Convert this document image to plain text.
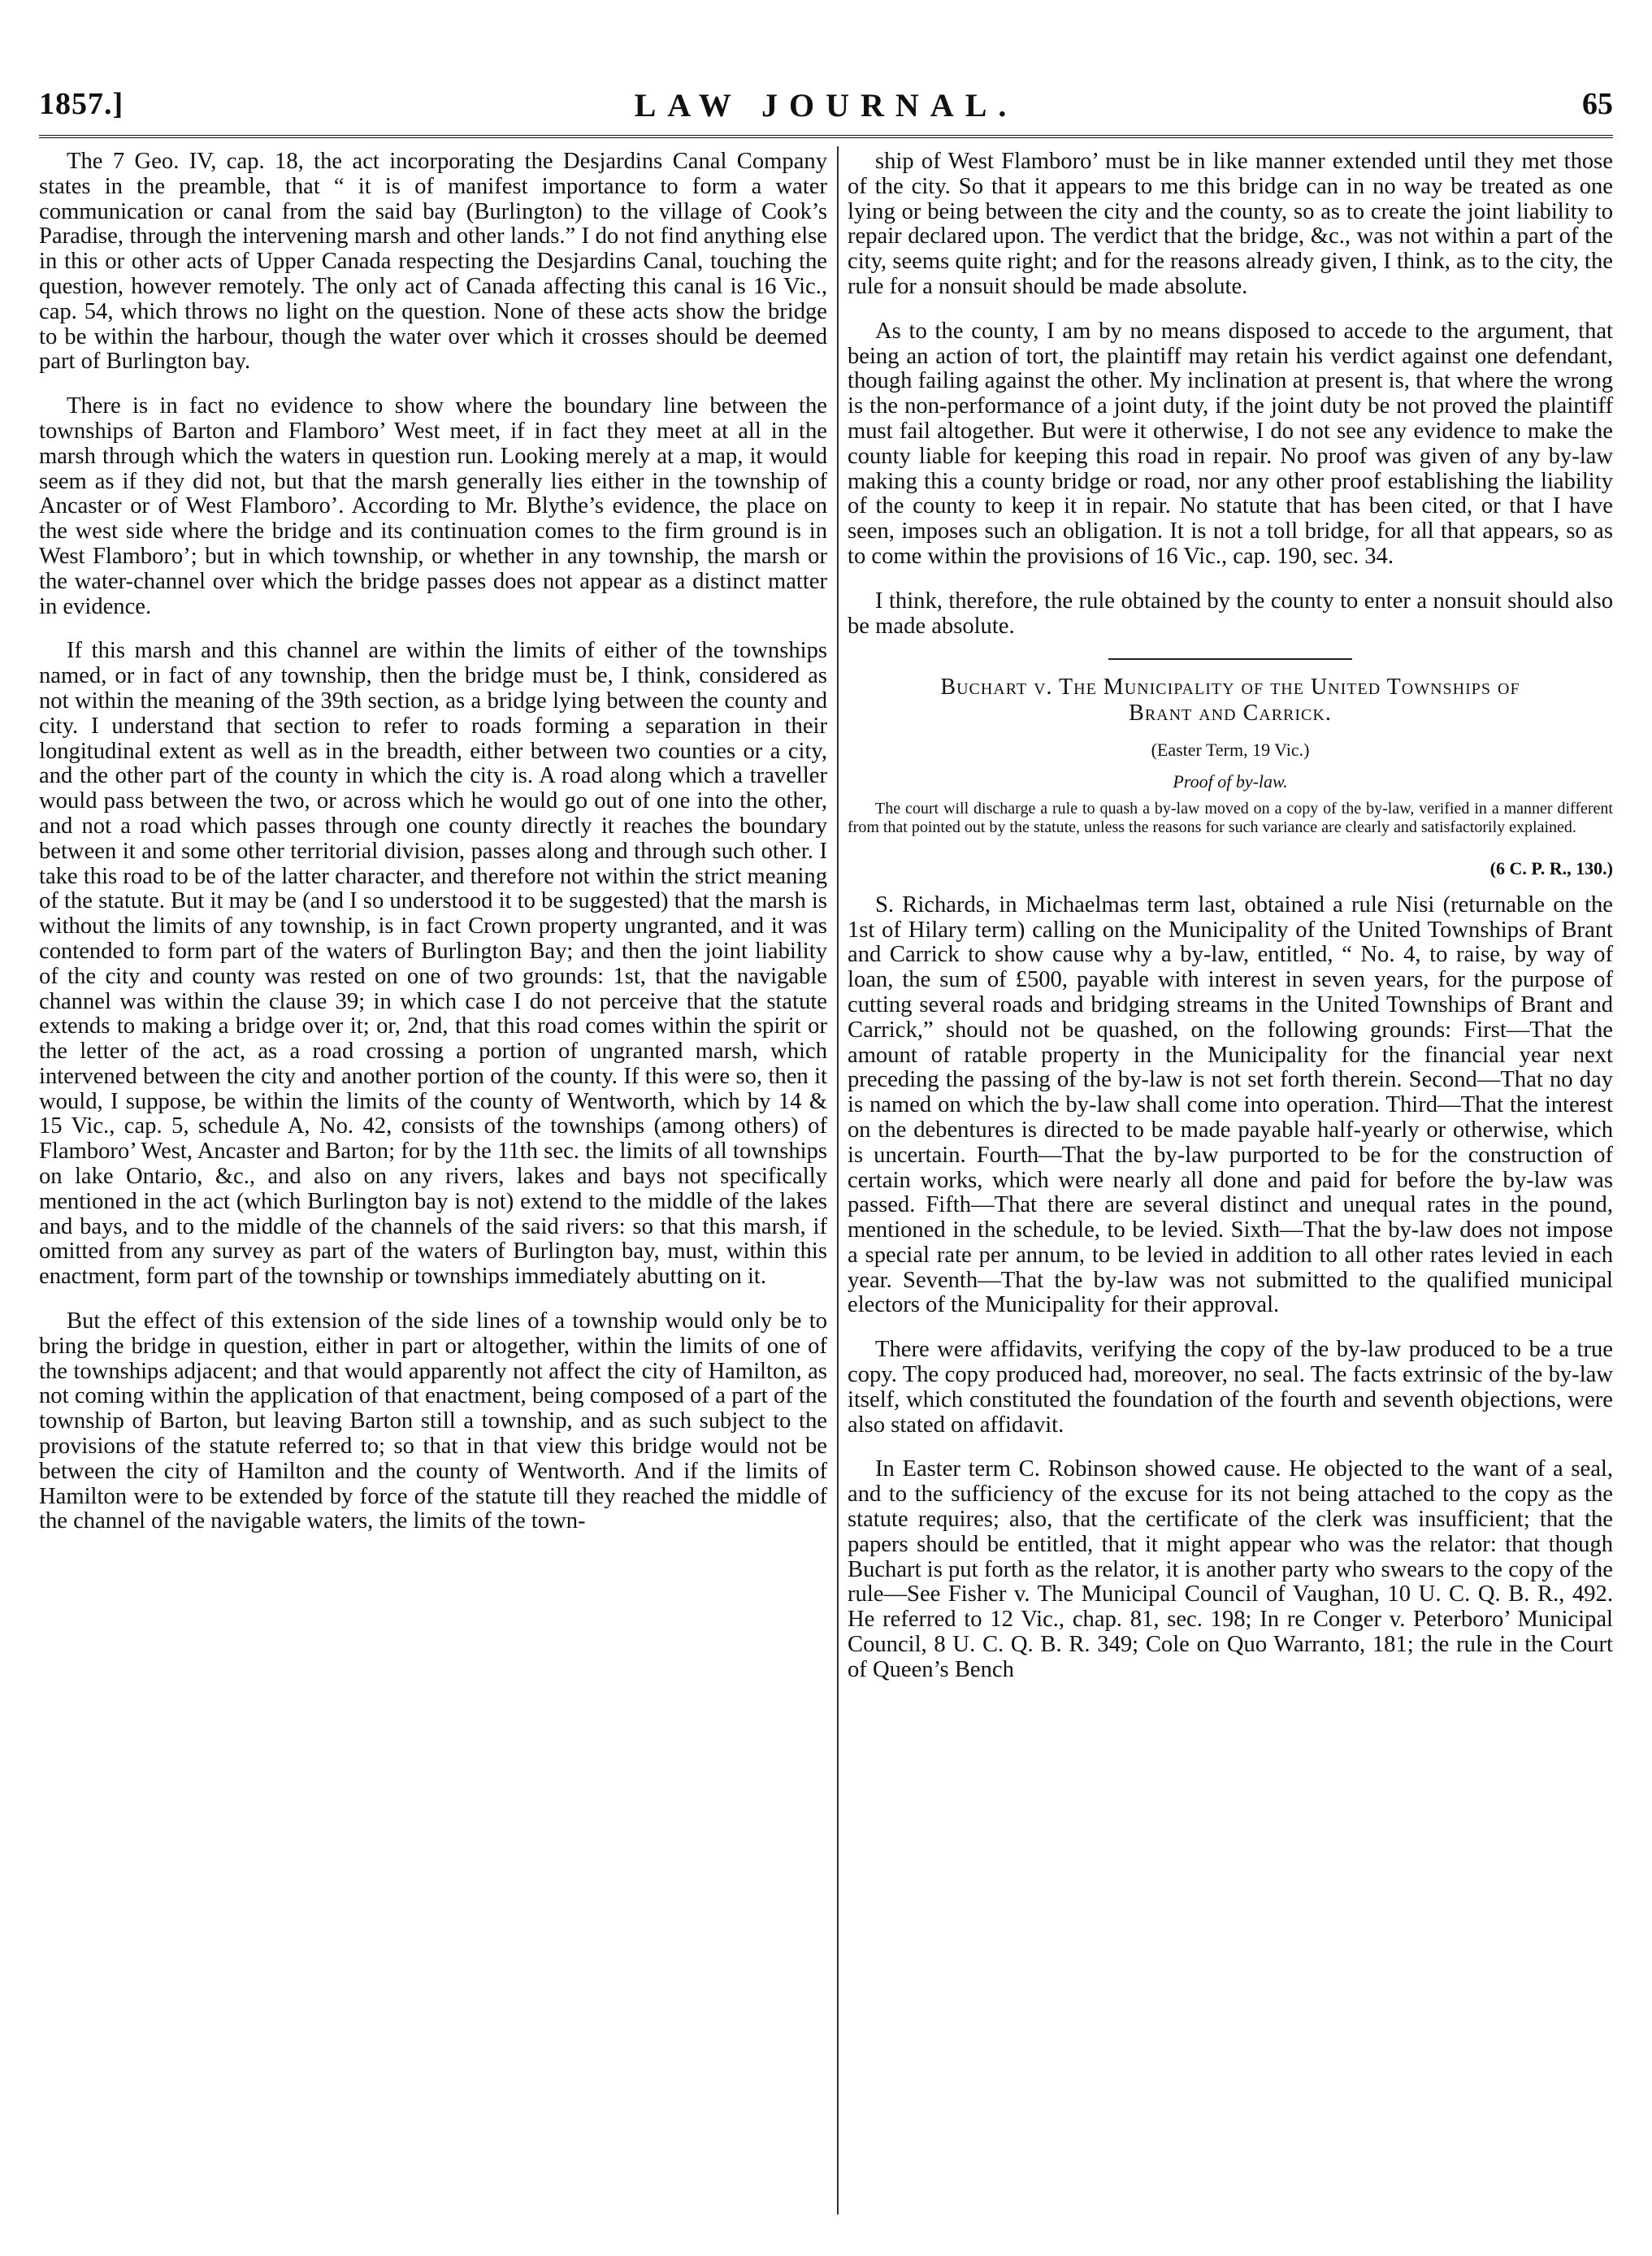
1857.]	LAW JOURNAL.	65

The 7 Geo. IV, cap. 18, the act incorporating the Desjardins Canal Company states in the preamble, that “ it is of manifest importance to form a water communication or canal from the said bay (Burlington) to the village of Cook’s Paradise, through the intervening marsh and other lands.” I do not find anything else in this or other acts of Upper Canada respecting the Desjardins Canal, touching the question, however remotely. The only act of Canada affecting this canal is 16 Vic., cap. 54, which throws no light on the question. None of these acts show the bridge to be within the harbour, though the water over which it crosses should be deemed part of Burlington bay.

There is in fact no evidence to show where the boundary line between the townships of Barton and Flamboro’ West meet, if in fact they meet at all in the marsh through which the waters in question run. Looking merely at a map, it would seem as if they did not, but that the marsh generally lies either in the township of Ancaster or of West Flamboro’. According to Mr. Blythe’s evidence, the place on the west side where the bridge and its continuation comes to the firm ground is in West Flamboro’; but in which township, or whether in any township, the marsh or the water-channel over which the bridge passes does not appear as a distinct matter in evidence.

If this marsh and this channel are within the limits of either of the townships named, or in fact of any township, then the bridge must be, I think, considered as not within the meaning of the 39th section, as a bridge lying between the county and city. I understand that section to refer to roads forming a separation in their longitudinal extent as well as in the breadth, either between two counties or a city, and the other part of the county in which the city is. A road along which a traveller would pass between the two, or across which he would go out of one into the other, and not a road which passes through one county directly it reaches the boundary between it and some other territorial division, passes along and through such other. I take this road to be of the latter character, and therefore not within the strict meaning of the statute. But it may be (and I so understood it to be suggested) that the marsh is without the limits of any township, is in fact Crown property ungranted, and it was contended to form part of the waters of Burlington Bay; and then the joint liability of the city and county was rested on one of two grounds: 1st, that the navigable channel was within the clause 39; in which case I do not perceive that the statute extends to making a bridge over it; or, 2nd, that this road comes within the spirit or the letter of the act, as a road crossing a portion of ungranted marsh, which intervened between the city and another portion of the county. If this were so, then it would, I suppose, be within the limits of the county of Wentworth, which by 14 & 15 Vic., cap. 5, schedule A, No. 42, consists of the townships (among others) of Flamboro’ West, Ancaster and Barton; for by the 11th sec. the limits of all townships on lake Ontario, &c., and also on any rivers, lakes and bays not specifically mentioned in the act (which Burlington bay is not) extend to the middle of the lakes and bays, and to the middle of the channels of the said rivers: so that this marsh, if omitted from any survey as part of the waters of Burlington bay, must, within this enactment, form part of the township or townships immediately abutting on it.

But the effect of this extension of the side lines of a township would only be to bring the bridge in question, either in part or altogether, within the limits of one of the townships adjacent; and that would apparently not affect the city of Hamilton, as not coming within the application of that enactment, being composed of a part of the township of Barton, but leaving Barton still a township, and as such subject to the provisions of the statute referred to; so that in that view this bridge would not be between the city of Hamilton and the county of Wentworth. And if the limits of Hamilton were to be extended by force of the statute till they reached the middle of the channel of the navigable waters, the limits of the town-

ship of West Flamboro’ must be in like manner extended until they met those of the city. So that it appears to me this bridge can in no way be treated as one lying or being between the city and the county, so as to create the joint liability to repair declared upon. The verdict that the bridge, &c., was not within a part of the city, seems quite right; and for the reasons already given, I think, as to the city, the rule for a nonsuit should be made absolute.

As to the county, I am by no means disposed to accede to the argument, that being an action of tort, the plaintiff may retain his verdict against one defendant, though failing against the other. My inclination at present is, that where the wrong is the non-performance of a joint duty, if the joint duty be not proved the plaintiff must fail altogether. But were it otherwise, I do not see any evidence to make the county liable for keeping this road in repair. No proof was given of any by-law making this a county bridge or road, nor any other proof establishing the liability of the county to keep it in repair. No statute that has been cited, or that I have seen, imposes such an obligation. It is not a toll bridge, for all that appears, so as to come within the provisions of 16 Vic., cap. 190, sec. 34.

I think, therefore, the rule obtained by the county to enter a nonsuit should also be made absolute.

Buchart v. The Municipality of the United Townships of
Brant and Carrick.
(Easter Term, 19 Vic.)
Proof of by-law.

The court will discharge a rule to quash a by-law moved on a copy of the by-law, verified in a manner different from that pointed out by the statute, unless the reasons for such variance are clearly and satisfactorily explained.

(6 C. P. R., 130.)

S. Richards, in Michaelmas term last, obtained a rule Nisi (returnable on the 1st of Hilary term) calling on the Municipality of the United Townships of Brant and Carrick to show cause why a by-law, entitled, “ No. 4, to raise, by way of loan, the sum of £500, payable with interest in seven years, for the purpose of cutting several roads and bridging streams in the United Townships of Brant and Carrick,” should not be quashed, on the following grounds: First—That the amount of ratable property in the Municipality for the financial year next preceding the passing of the by-law is not set forth therein. Second—That no day is named on which the by-law shall come into operation. Third—That the interest on the debentures is directed to be made payable half-yearly or otherwise, which is uncertain. Fourth—That the by-law purported to be for the construction of certain works, which were nearly all done and paid for before the by-law was passed. Fifth—That there are several distinct and unequal rates in the pound, mentioned in the schedule, to be levied. Sixth—That the by-law does not impose a special rate per annum, to be levied in addition to all other rates levied in each year. Seventh—That the by-law was not submitted to the qualified municipal electors of the Municipality for their approval.

There were affidavits, verifying the copy of the by-law produced to be a true copy. The copy produced had, moreover, no seal. The facts extrinsic of the by-law itself, which constituted the foundation of the fourth and seventh objections, were also stated on affidavit.

In Easter term C. Robinson showed cause. He objected to the want of a seal, and to the sufficiency of the excuse for its not being attached to the copy as the statute requires; also, that the certificate of the clerk was insufficient; that the papers should be entitled, that it might appear who was the relator: that though Buchart is put forth as the relator, it is another party who swears to the copy of the rule—See Fisher v. The Municipal Council of Vaughan, 10 U. C. Q. B. R., 492. He referred to 12 Vic., chap. 81, sec. 198; In re Conger v. Peterboro’ Municipal Council, 8 U. C. Q. B. R. 349; Cole on Quo Warranto, 181; the rule in the Court of Queen’s Bench
